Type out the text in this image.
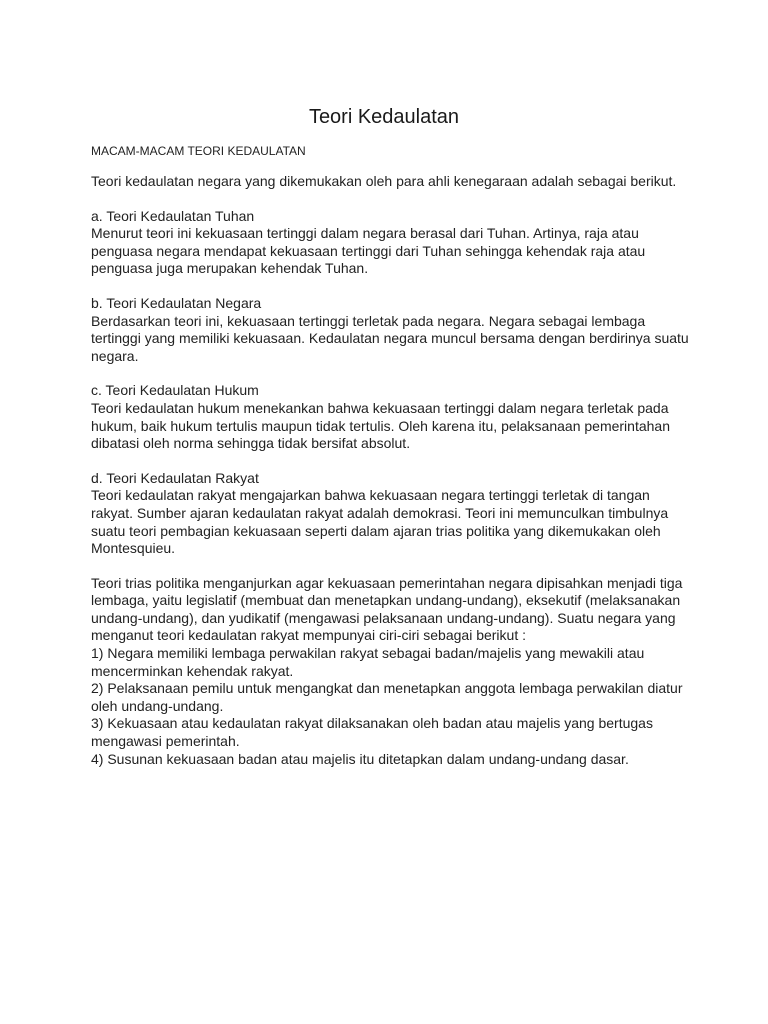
Teori Kedaulatan

MACAM-MACAM TEORI KEDAULATAN

Teori kedaulatan negara yang dikemukakan oleh para ahli kenegaraan adalah sebagai berikut.

a. Teori Kedaulatan Tuhan
Menurut teori ini kekuasaan tertinggi dalam negara berasal dari Tuhan. Artinya, raja atau penguasa negara mendapat kekuasaan tertinggi dari Tuhan sehingga kehendak raja atau penguasa juga merupakan kehendak Tuhan.
b. Teori Kedaulatan Negara
Berdasarkan teori ini, kekuasaan tertinggi terletak pada negara. Negara sebagai lembaga tertinggi yang memiliki kekuasaan. Kedaulatan negara muncul bersama dengan berdirinya suatu negara.
c. Teori Kedaulatan Hukum
Teori kedaulatan hukum menekankan bahwa kekuasaan tertinggi dalam negara terletak pada hukum, baik hukum tertulis maupun tidak tertulis. Oleh karena itu, pelaksanaan pemerintahan dibatasi oleh norma sehingga tidak bersifat absolut.
d. Teori Kedaulatan Rakyat
Teori kedaulatan rakyat mengajarkan bahwa kekuasaan negara tertinggi terletak di tangan rakyat. Sumber ajaran kedaulatan rakyat adalah demokrasi. Teori ini memunculkan timbulnya suatu teori pembagian kekuasaan seperti dalam ajaran trias politika yang dikemukakan oleh Montesquieu.
Teori trias politika menganjurkan agar kekuasaan pemerintahan negara dipisahkan menjadi tiga lembaga, yaitu legislatif (membuat dan menetapkan undang-undang), eksekutif (melaksanakan undang-undang), dan yudikatif (mengawasi pelaksanaan undang-undang). Suatu negara yang menganut teori kedaulatan rakyat mempunyai ciri-ciri sebagai berikut :
1) Negara memiliki lembaga perwakilan rakyat sebagai badan/majelis yang mewakili atau mencerminkan kehendak rakyat.
2) Pelaksanaan pemilu untuk mengangkat dan menetapkan anggota lembaga perwakilan diatur oleh undang-undang.
3) Kekuasaan atau kedaulatan rakyat dilaksanakan oleh badan atau majelis yang bertugas mengawasi pemerintah.
4) Susunan kekuasaan badan atau majelis itu ditetapkan dalam undang-undang dasar.
